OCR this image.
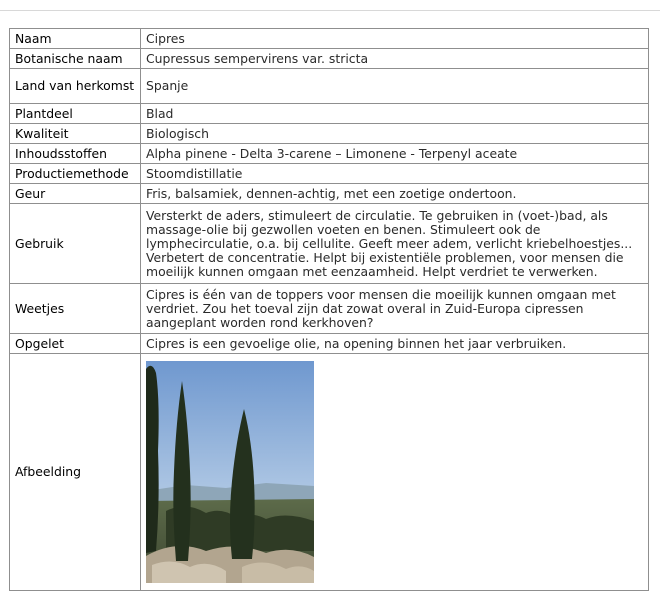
Naam	Cipres
Botanische naam	Cupressus sempervirens var. stricta
Land van herkomst	Spanje
Plantdeel	Blad
Kwaliteit	Biologisch
Inhoudsstoffen	Alpha pinene - Delta 3-carene – Limonene - Terpenyl aceate
Productiemethode	Stoomdistillatie
Geur	Fris, balsamiek, dennen-achtig, met een zoetige ondertoon.
Gebruik	Versterkt de aders, stimuleert de circulatie. Te gebruiken in (voet-)bad, als massage-olie bij gezwollen voeten en benen. Stimuleert ook de lymphecirculatie, o.a. bij cellulite. Geeft meer adem, verlicht kriebelhoestjes... Verbetert de concentratie. Helpt bij existentiële problemen, voor mensen die moeilijk kunnen omgaan met eenzaamheid. Helpt verdriet te verwerken.
Weetjes	Cipres is één van de toppers voor mensen die moeilijk kunnen omgaan met verdriet. Zou het toeval zijn dat zowat overal in Zuid-Europa cipressen aangeplant worden rond kerkhoven?
Opgelet	Cipres is een gevoelige olie, na opening binnen het jaar verbruiken.
Afbeelding	
